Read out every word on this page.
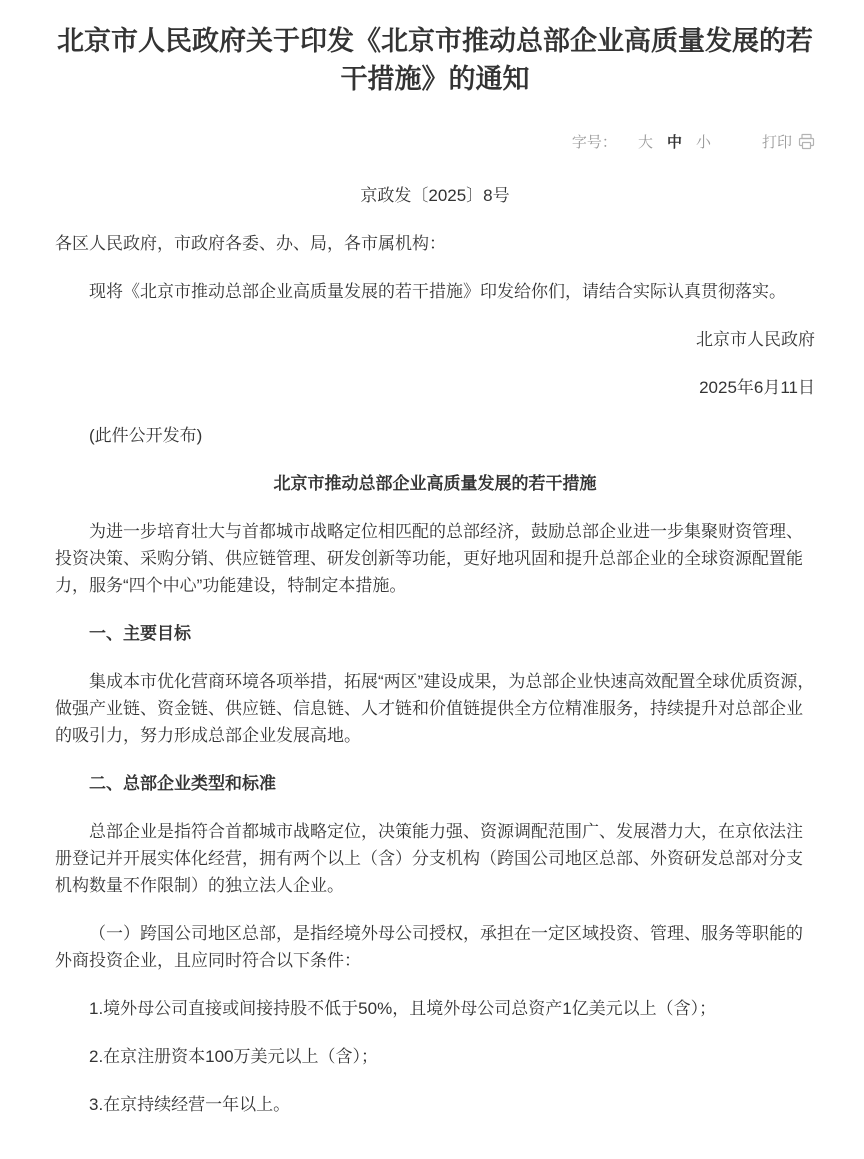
北京市人民政府关于印发《北京市推动总部企业高质量发展的若干措施》的通知
字号： 大 中 小	打印
京政发〔2025〕8号

各区人民政府，市政府各委、办、局，各市属机构：

现将《北京市推动总部企业高质量发展的若干措施》印发给你们，请结合实际认真贯彻落实。

北京市人民政府

2025年6月11日

(此件公开发布)

北京市推动总部企业高质量发展的若干措施

为进一步培育壮大与首都城市战略定位相匹配的总部经济，鼓励总部企业进一步集聚财资管理、投资决策、采购分销、供应链管理、研发创新等功能，更好地巩固和提升总部企业的全球资源配置能力，服务“四个中心”功能建设，特制定本措施。

一、主要目标

集成本市优化营商环境各项举措，拓展“两区”建设成果，为总部企业快速高效配置全球优质资源，做强产业链、资金链、供应链、信息链、人才链和价值链提供全方位精准服务，持续提升对总部企业的吸引力，努力形成总部企业发展高地。

二、总部企业类型和标准

总部企业是指符合首都城市战略定位，决策能力强、资源调配范围广、发展潜力大，在京依法注册登记并开展实体化经营，拥有两个以上（含）分支机构（跨国公司地区总部、外资研发总部对分支机构数量不作限制）的独立法人企业。

（一）跨国公司地区总部，是指经境外母公司授权，承担在一定区域投资、管理、服务等职能的外商投资企业，且应同时符合以下条件：

1.境外母公司直接或间接持股不低于50%，且境外母公司总资产1亿美元以上（含）；

2.在京注册资本100万美元以上（含）；

3.在京持续经营一年以上。
